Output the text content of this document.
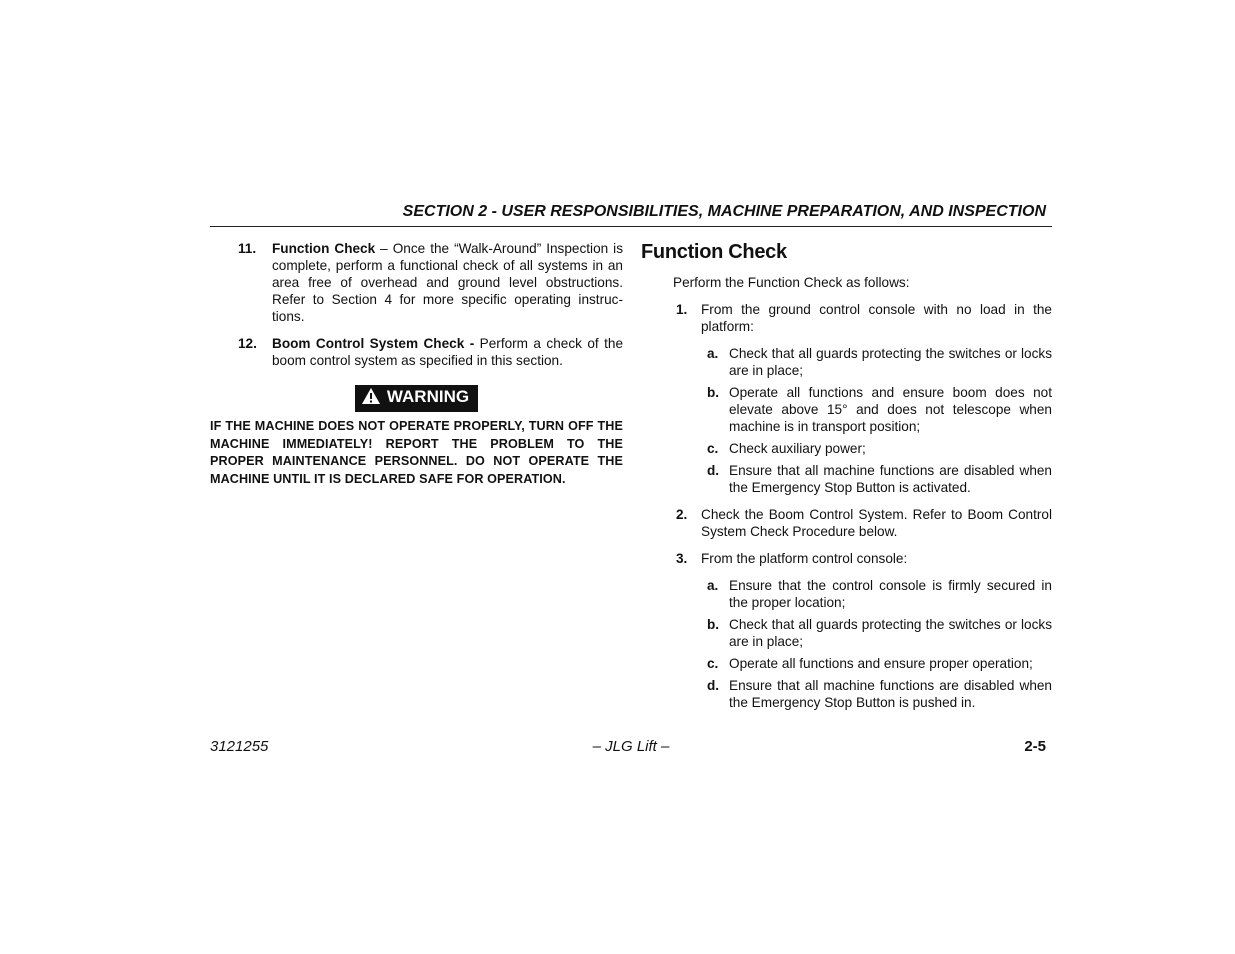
SECTION 2 - USER RESPONSIBILITIES, MACHINE PREPARATION, AND INSPECTION
11. Function Check – Once the “Walk-Around” Inspection is complete, perform a functional check of all systems in an area free of overhead and ground level obstructions. Refer to Section 4 for more specific operating instruc-tions.

12. Boom Control System Check - Perform a check of the boom control system as specified in this section.

WARNING

IF THE MACHINE DOES NOT OPERATE PROPERLY, TURN OFF THE MACHINE IMMEDIATELY! REPORT THE PROBLEM TO THE PROPER MAINTENANCE PERSONNEL. DO NOT OPERATE THE MACHINE UNTIL IT IS DECLARED SAFE FOR OPERATION.

Function Check

Perform the Function Check as follows:

1. From the ground control console with no load in the platform:

a. Check that all guards protecting the switches or locks are in place;

b. Operate all functions and ensure boom does not elevate above 15° and does not telescope when machine is in transport position;

c. Check auxiliary power;

d. Ensure that all machine functions are disabled when the Emergency Stop Button is activated.

2. Check the Boom Control System. Refer to Boom Control System Check Procedure below.

3. From the platform control console:

a. Ensure that the control console is firmly secured in the proper location;

b. Check that all guards protecting the switches or locks are in place;

c. Operate all functions and ensure proper operation;

d. Ensure that all machine functions are disabled when the Emergency Stop Button is pushed in.

– JLG Lift –
3121255	2-5
